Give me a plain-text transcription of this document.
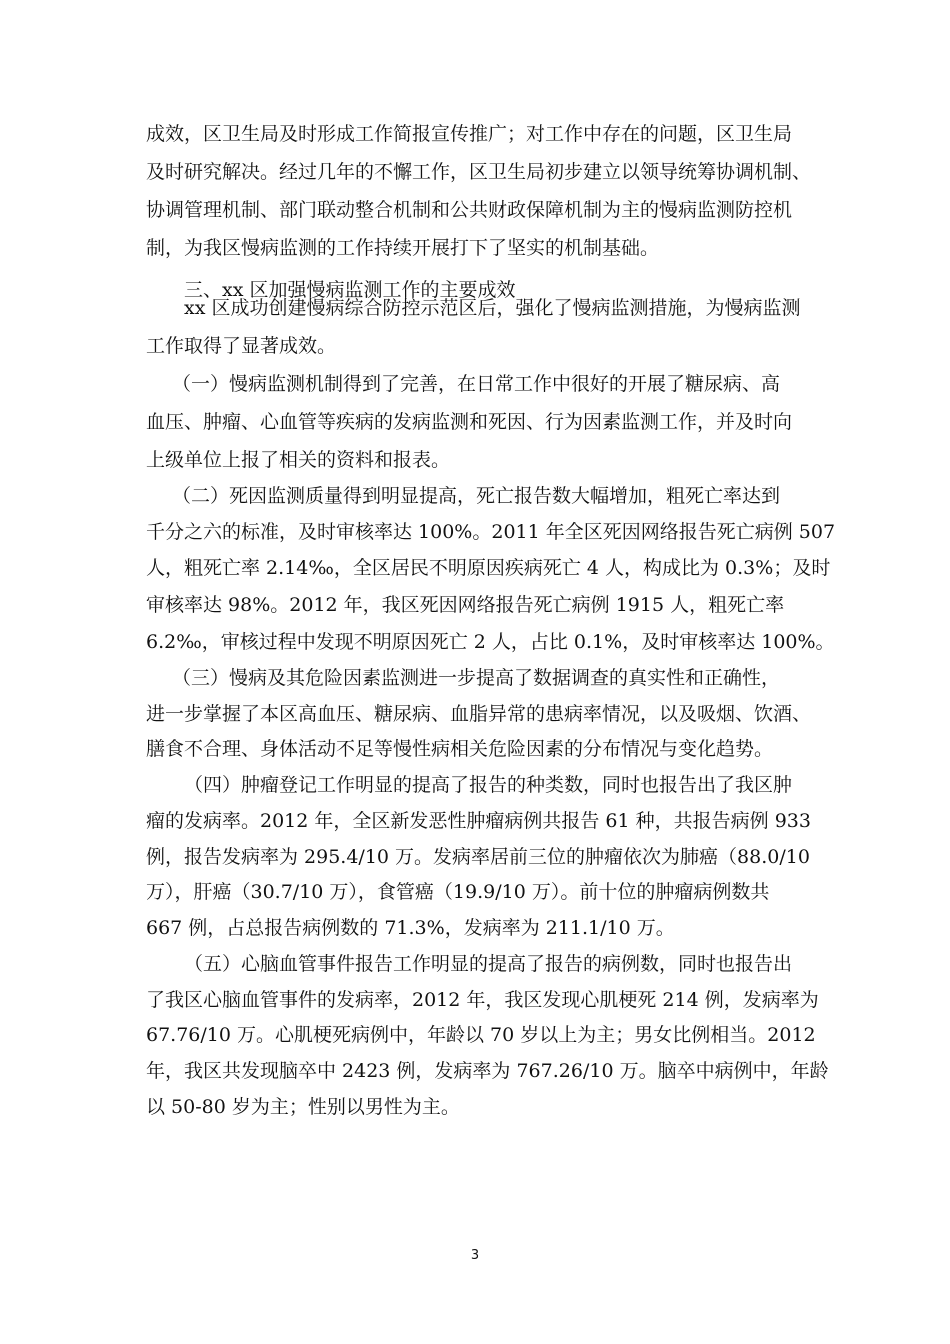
成效，区卫生局及时形成工作简报宣传推广；对工作中存在的问题，区卫生局
及时研究解决。经过几年的不懈工作，区卫生局初步建立以领导统筹协调机制、
协调管理机制、部门联动整合机制和公共财政保障机制为主的慢病监测防控机
制，为我区慢病监测的工作持续开展打下了坚实的机制基础。
三、xx 区加强慢病监测工作的主要成效
xx 区成功创建慢病综合防控示范区后，强化了慢病监测措施，为慢病监测
工作取得了显著成效。
（一）慢病监测机制得到了完善，在日常工作中很好的开展了糖尿病、高
血压、肿瘤、心血管等疾病的发病监测和死因、行为因素监测工作，并及时向
上级单位上报了相关的资料和报表。
（二）死因监测质量得到明显提高，死亡报告数大幅增加，粗死亡率达到
千分之六的标准，及时审核率达 100%。2011 年全区死因网络报告死亡病例 507
人，粗死亡率 2.14‰，全区居民不明原因疾病死亡 4 人，构成比为 0.3%；及时
审核率达 98%。2012 年，我区死因网络报告死亡病例 1915 人，粗死亡率
6.2‰，审核过程中发现不明原因死亡 2 人，占比 0.1%，及时审核率达 100%。
（三）慢病及其危险因素监测进一步提高了数据调查的真实性和正确性，
进一步掌握了本区高血压、糖尿病、血脂异常的患病率情况，以及吸烟、饮酒、
膳食不合理、身体活动不足等慢性病相关危险因素的分布情况与变化趋势。
（四）肿瘤登记工作明显的提高了报告的种类数，同时也报告出了我区肿
瘤的发病率。2012 年，全区新发恶性肿瘤病例共报告 61 种，共报告病例 933
例，报告发病率为 295.4/10 万。发病率居前三位的肿瘤依次为肺癌（88.0/10
万），肝癌（30.7/10 万），食管癌（19.9/10 万）。前十位的肿瘤病例数共
667 例，占总报告病例数的 71.3%，发病率为 211.1/10 万。
（五）心脑血管事件报告工作明显的提高了报告的病例数，同时也报告出
了我区心脑血管事件的发病率，2012 年，我区发现心肌梗死 214 例，发病率为
67.76/10 万。心肌梗死病例中，年龄以 70 岁以上为主；男女比例相当。2012
年，我区共发现脑卒中 2423 例，发病率为 767.26/10 万。脑卒中病例中，年龄
以 50-80 岁为主；性别以男性为主。
3
